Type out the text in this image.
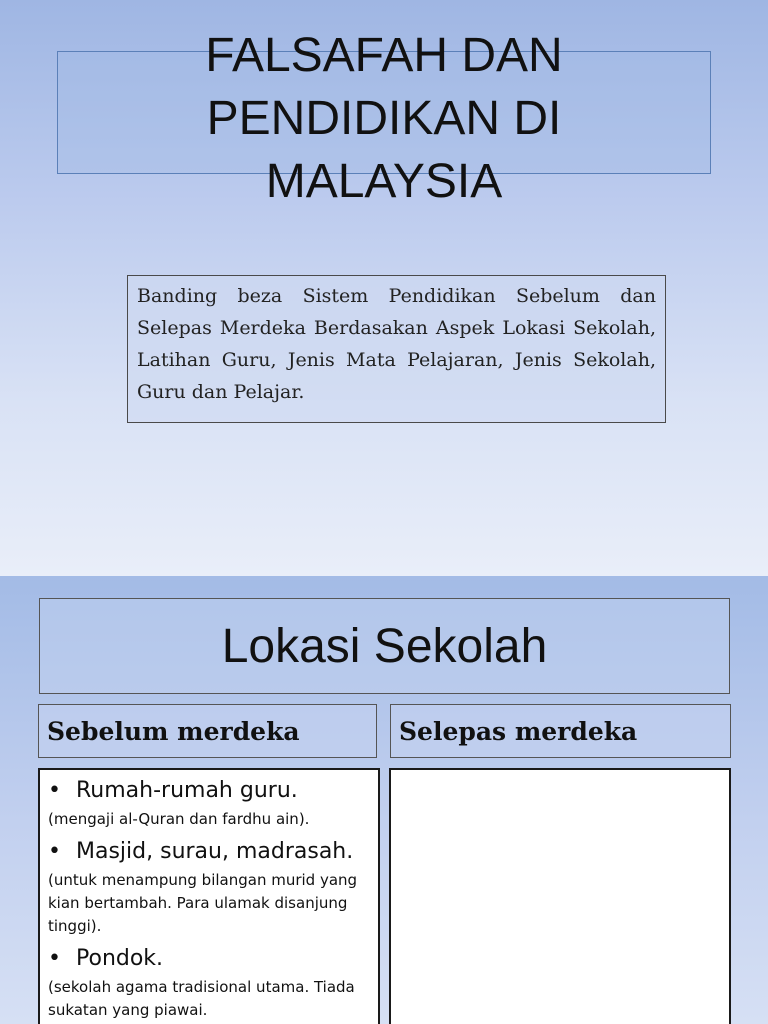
FALSAFAH DAN
PENDIDIKAN DI
MALAYSIA
Banding beza Sistem Pendidikan Sebelum dan Selepas Merdeka Berdasakan Aspek Lokasi Sekolah, Latihan Guru, Jenis Mata Pelajaran, Jenis Sekolah, Guru dan Pelajar.
Lokasi Sekolah
Sebelum merdeka	Selepas merdeka
• Rumah-rumah guru.
(mengaji al-Quran dan fardhu ain).
• Masjid, surau, madrasah.
(untuk menampung bilangan murid yang kian bertambah. Para ulamak disanjung tinggi).
• Pondok.
(sekolah agama tradisional utama. Tiada sukatan yang piawai.
